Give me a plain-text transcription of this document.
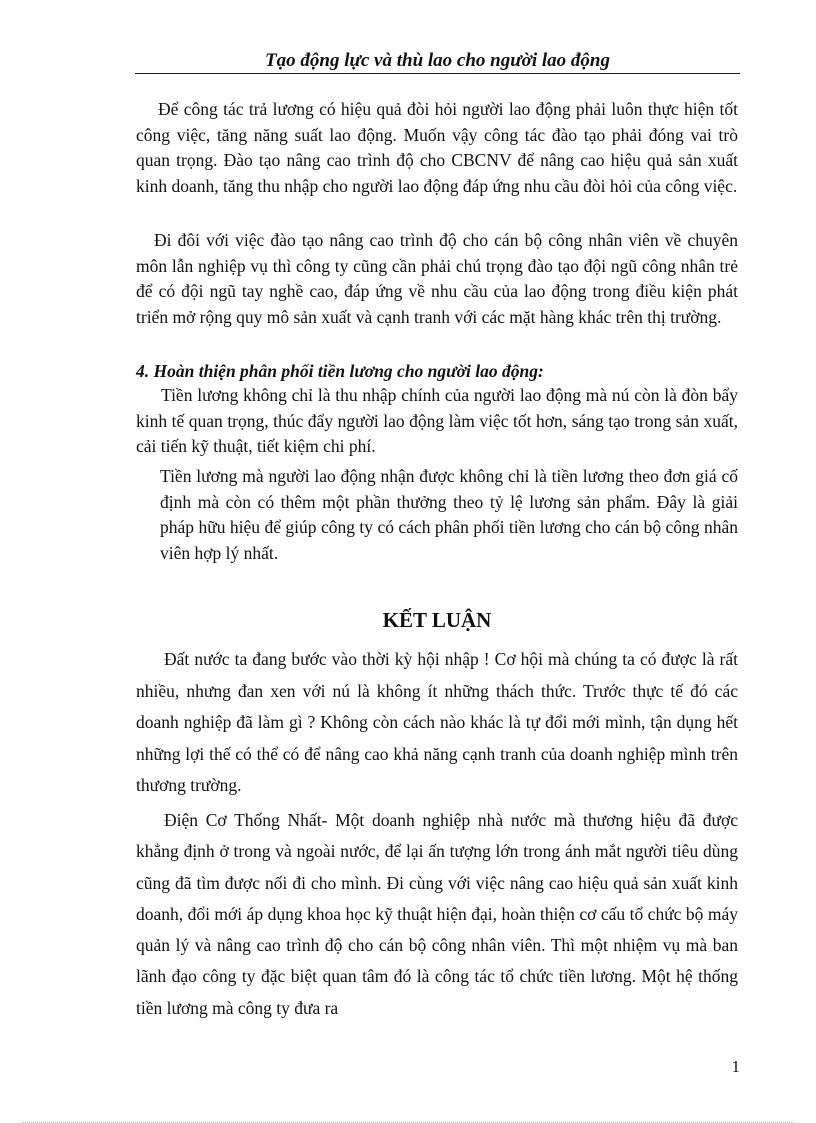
Tạo động lực và thù lao cho người lao động

Để công tác trả lương có hiệu quả đòi hỏi người lao động phải luôn thực hiện tốt công việc, tăng năng suất lao động. Muốn vậy công tác đào tạo phải đóng vai trò quan trọng. Đào tạo nâng cao trình độ cho CBCNV để nâng cao hiệu quả sản xuất kinh doanh, tăng thu nhập cho người lao động đáp ứng nhu cầu đòi hỏi của công việc.

Đi đôi với việc đào tạo nâng cao trình độ cho cán bộ công nhân viên về chuyên môn lẫn nghiệp vụ thì công ty cũng cần phải chú trọng đào tạo đội ngũ công nhân trẻ để có đội ngũ tay nghề cao, đáp ứng về nhu cầu của lao động trong điều kiện phát triển mở rộng quy mô sản xuất và cạnh tranh với các mặt hàng khác trên thị trường.

4. Hoàn thiện phân phối tiền lương cho người lao động:

Tiền lương không chỉ là thu nhập chính của người lao động mà nú còn là đòn bẩy kinh tế quan trọng, thúc đẩy người lao động làm việc tốt hơn, sáng tạo trong sản xuất, cải tiến kỹ thuật, tiết kiệm chi phí.

Tiền lương mà người lao động nhận được không chỉ là tiền lương theo đơn giá cố định mà còn có thêm một phần thưởng theo tỷ lệ lương sản phẩm. Đây là giải pháp hữu hiệu để giúp công ty có cách phân phối tiền lương cho cán bộ công nhân viên hợp lý nhất.

KẾT LUẬN

Đất nước ta đang bước vào thời kỳ hội nhập ! Cơ hội mà chúng ta có được là rất nhiều, nhưng đan xen với nú là không ít những thách thức. Trước thực tế đó các doanh nghiệp đã làm gì ? Không còn cách nào khác là tự đổi mới mình, tận dụng hết những lợi thế có thể có để nâng cao khả năng cạnh tranh của doanh nghiệp mình trên thương trường.

Điện Cơ Thống Nhất- Một doanh nghiệp nhà nước mà thương hiệu đã được khẳng định ở trong và ngoài nước, để lại ấn tượng lớn trong ánh mắt người tiêu dùng cũng đã tìm được nối đi cho mình. Đi cùng với việc nâng cao hiệu quả sản xuất kinh doanh, đổi mới áp dụng khoa học kỹ thuật hiện đại, hoàn thiện cơ cấu tổ chức bộ máy quản lý và nâng cao trình độ cho cán bộ công nhân viên. Thì một nhiệm vụ mà ban lãnh đạo công ty đặc biệt quan tâm đó là công tác tổ chức tiền lương. Một hệ thống tiền lương mà công ty đưa ra

1
